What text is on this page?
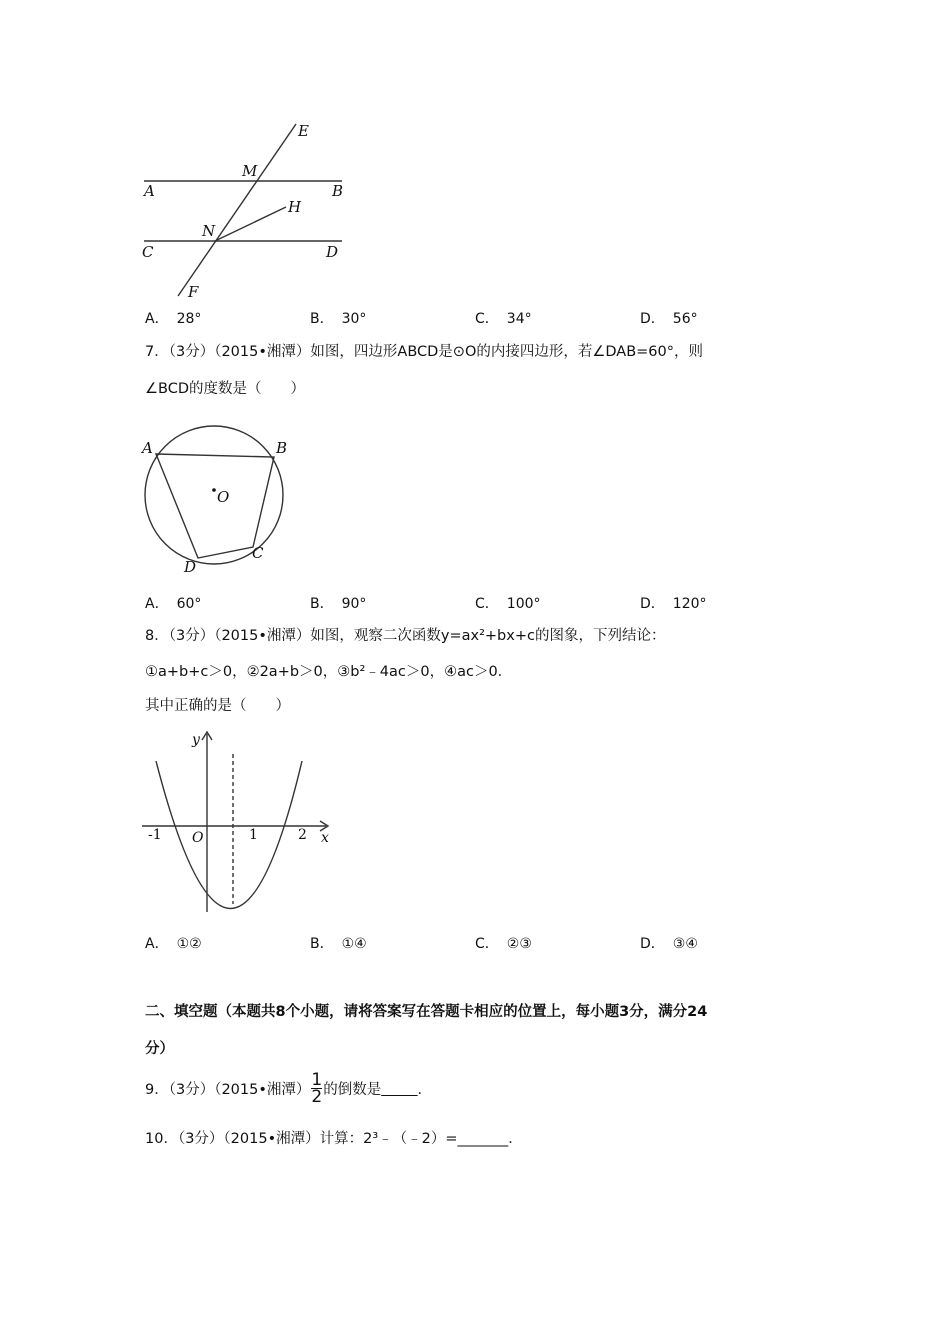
E
M
A	B
H
N
C	D
F
A． 28°	B． 30°	C． 34°	D． 56°
7．（3分）（2015•湘潭）如图，四边形ABCD是⊙O的内接四边形，若∠DAB=60°，则
∠BCD的度数是（　　）
A	B
O
C
D
A． 60°	B． 90°	C． 100°	D． 120°
8．（3分）（2015•湘潭）如图，观察二次函数y=ax²+bx+c的图象，下列结论：
①a+b+c＞0，②2a+b＞0，③b²﹣4ac＞0，④ac＞0．
其中正确的是（　　）
y
x
O
-1	1	2
A． ①②	B． ①④	C． ②③	D． ③④
二、填空题（本题共8个小题，请将答案写在答题卡相应的位置上，每小题3分，满分24
分）
9．（3分）（2015•湘潭） $\frac{1}{2}$ 的倒数是_____．
10．（3分）（2015•湘潭）计算：2³﹣（﹣2）=_______．
